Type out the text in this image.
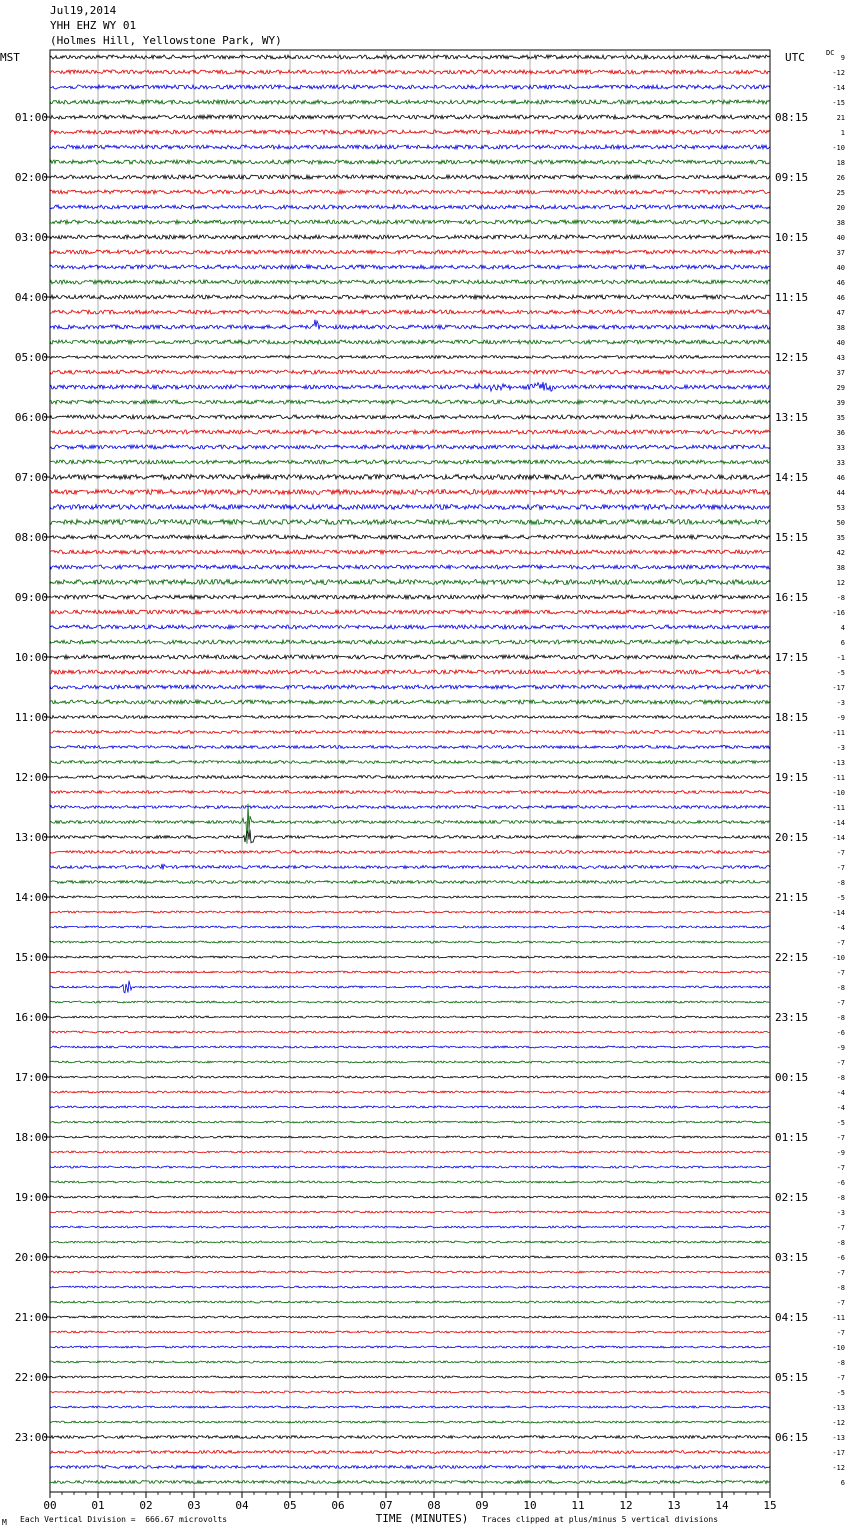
Jul19,2014
YHH EHZ WY 01
(Holmes Hill, Yellowstone Park, WY)
9
-12
-14
-15
21
1
-10
18
26
25
20
38
40
37
40
46
46
47
38
40
43
37
29
39
35
36
33
33
46
44
53
50
35
42
38
12
-8
-16
4
6
-1
-5
-17
-3
-9
-11
-3
-13
-11
-10
-11
-14
-14
-7
-7
-8
-5
-14
-4
-7
-10
-7
-8
-7
-8
-6
-9
-7
-8
-4
-4
-5
-7
-9
-7
-6
-8
-3
-7
-8
-6
-7
-8
-7
-11
-7
-10
-8
-7
-5
-13
-12
-13
-17
-12
6
MST	UTC	DC
01:00
02:00
03:00
04:00
05:00
06:00
07:00
08:00
09:00
10:00
11:00
12:00
13:00
14:00
15:00
16:00
17:00
18:00
19:00
20:00
21:00
22:00
23:00
08:15
09:15
10:15
11:15
12:15
13:15
14:15
15:15
16:15
17:15
18:15
19:15
20:15
21:15
22:15
23:15
00:15
01:15
02:15
03:15
04:15
05:15
06:15
00	01	02	03	04	05	06	07	08	09	10	11	12	13	14	15
TIME (MINUTES)
M Each Vertical Division =  666.67 microvolts	Traces clipped at plus/minus 5 vertical divisions
